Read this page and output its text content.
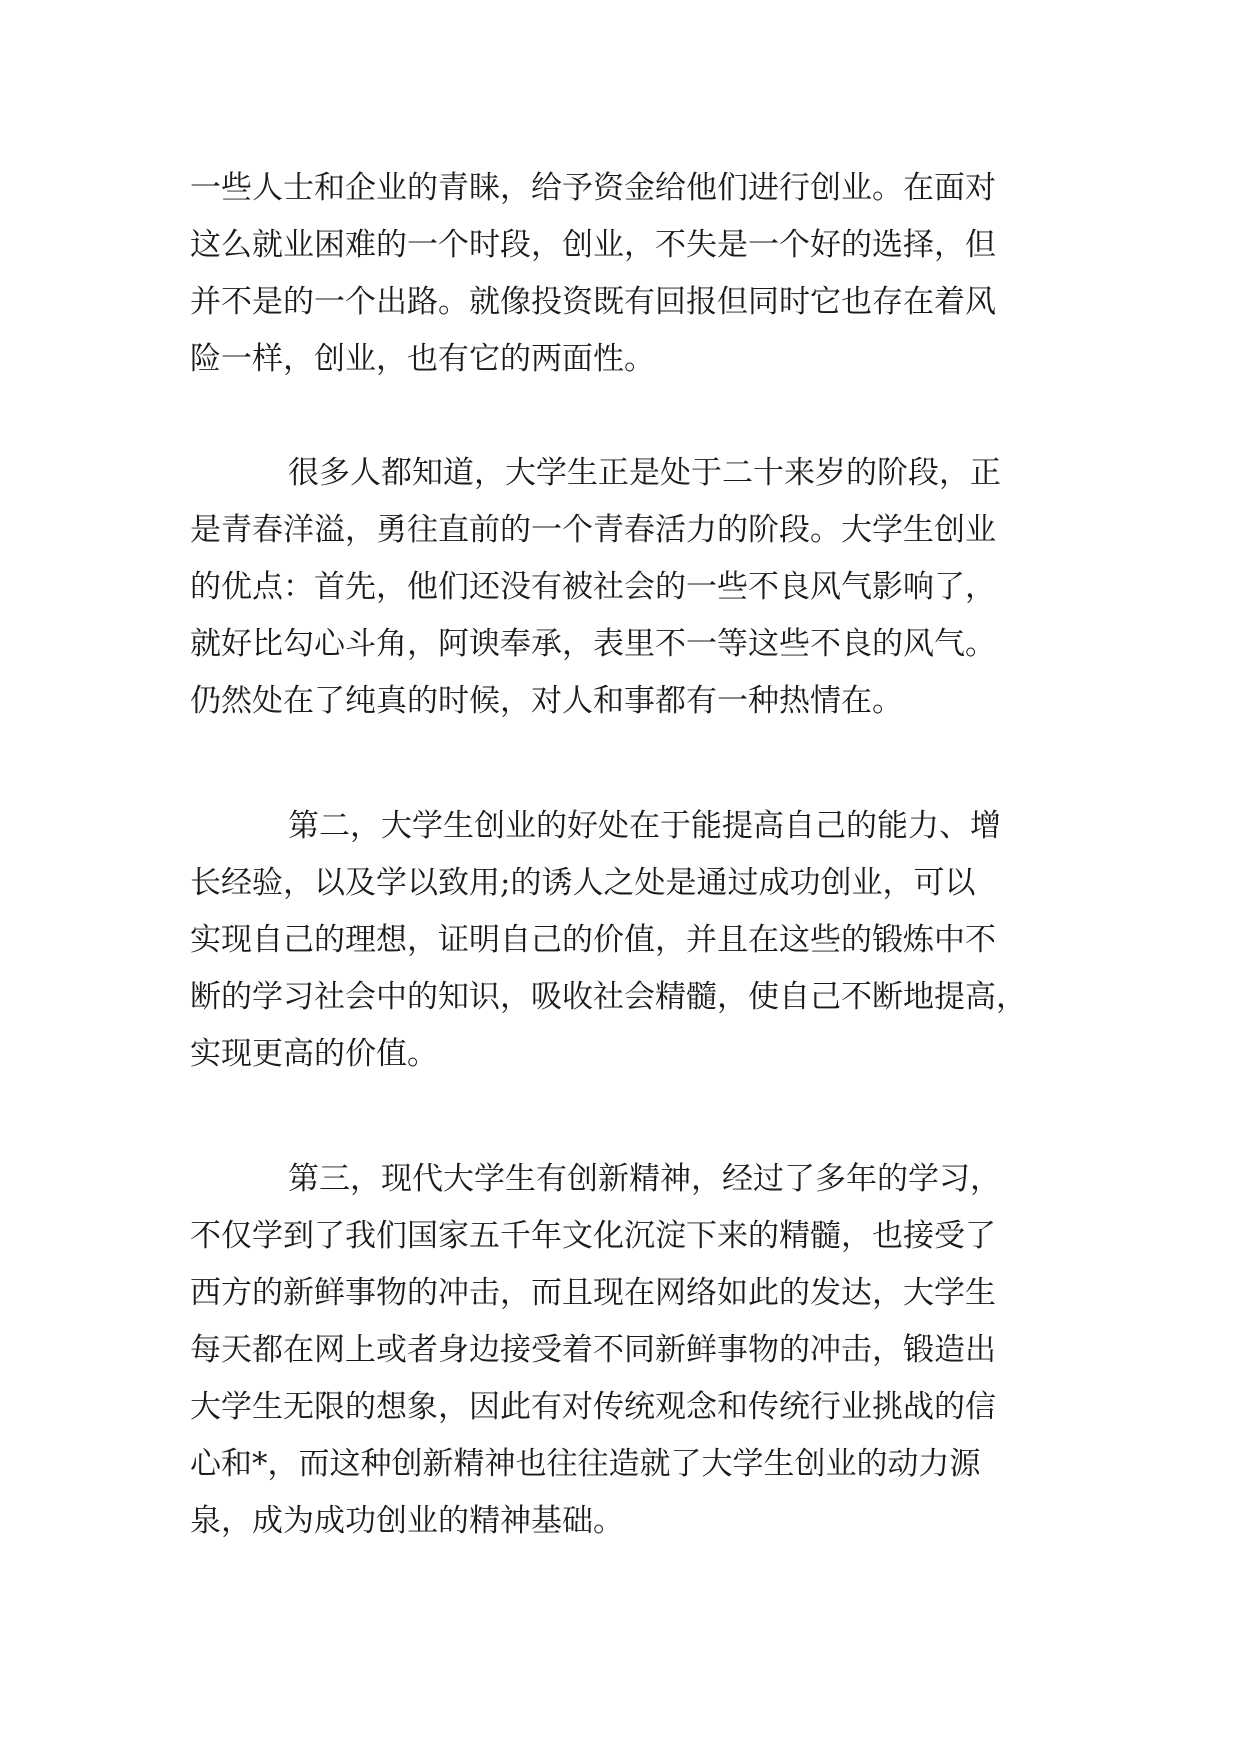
一些人士和企业的青睐，给予资金给他们进行创业。在面对
这么就业困难的一个时段，创业，不失是一个好的选择，但
并不是的一个出路。就像投资既有回报但同时它也存在着风
险一样，创业，也有它的两面性。
很多人都知道，大学生正是处于二十来岁的阶段，正
是青春洋溢，勇往直前的一个青春活力的阶段。大学生创业
的优点：首先，他们还没有被社会的一些不良风气影响了，
就好比勾心斗角，阿谀奉承，表里不一等这些不良的风气。
仍然处在了纯真的时候，对人和事都有一种热情在。
第二，大学生创业的好处在于能提高自己的能力、增
长经验，以及学以致用;的诱人之处是通过成功创业，可以
实现自己的理想，证明自己的价值，并且在这些的锻炼中不
断的学习社会中的知识，吸收社会精髓，使自己不断地提高，
实现更高的价值。
第三，现代大学生有创新精神，经过了多年的学习，
不仅学到了我们国家五千年文化沉淀下来的精髓，也接受了
西方的新鲜事物的冲击，而且现在网络如此的发达，大学生
每天都在网上或者身边接受着不同新鲜事物的冲击，锻造出
大学生无限的想象，因此有对传统观念和传统行业挑战的信
心和*，而这种创新精神也往往造就了大学生创业的动力源
泉，成为成功创业的精神基础。
